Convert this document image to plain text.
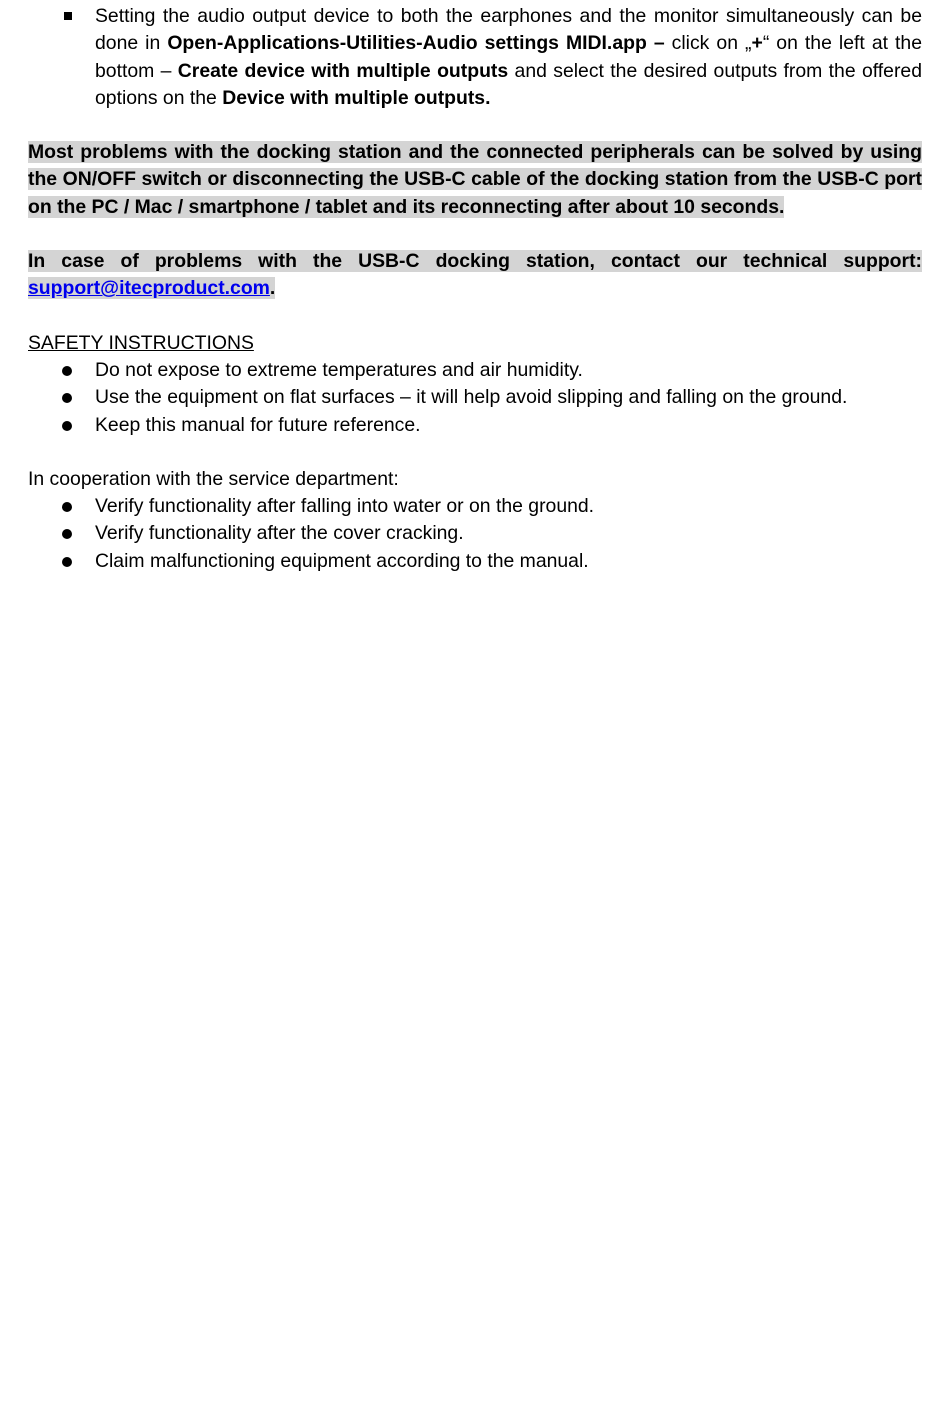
Setting the audio output device to both the earphones and the monitor simultaneously can be done in Open-Applications-Utilities-Audio settings MIDI.app – click on „+“ on the left at the bottom – Create device with multiple outputs and select the desired outputs from the offered options on the Device with multiple outputs.
Most problems with the docking station and the connected peripherals can be solved by using the ON/OFF switch or disconnecting the USB-C cable of the docking station from the USB-C port on the PC / Mac / smartphone / tablet and its reconnecting after about 10 seconds.
In case of problems with the USB-C docking station, contact our technical support: support@itecproduct.com.
SAFETY INSTRUCTIONS
Do not expose to extreme temperatures and air humidity.
Use the equipment on flat surfaces – it will help avoid slipping and falling on the ground.
Keep this manual for future reference.
In cooperation with the service department:
Verify functionality after falling into water or on the ground.
Verify functionality after the cover cracking.
Claim malfunctioning equipment according to the manual.
